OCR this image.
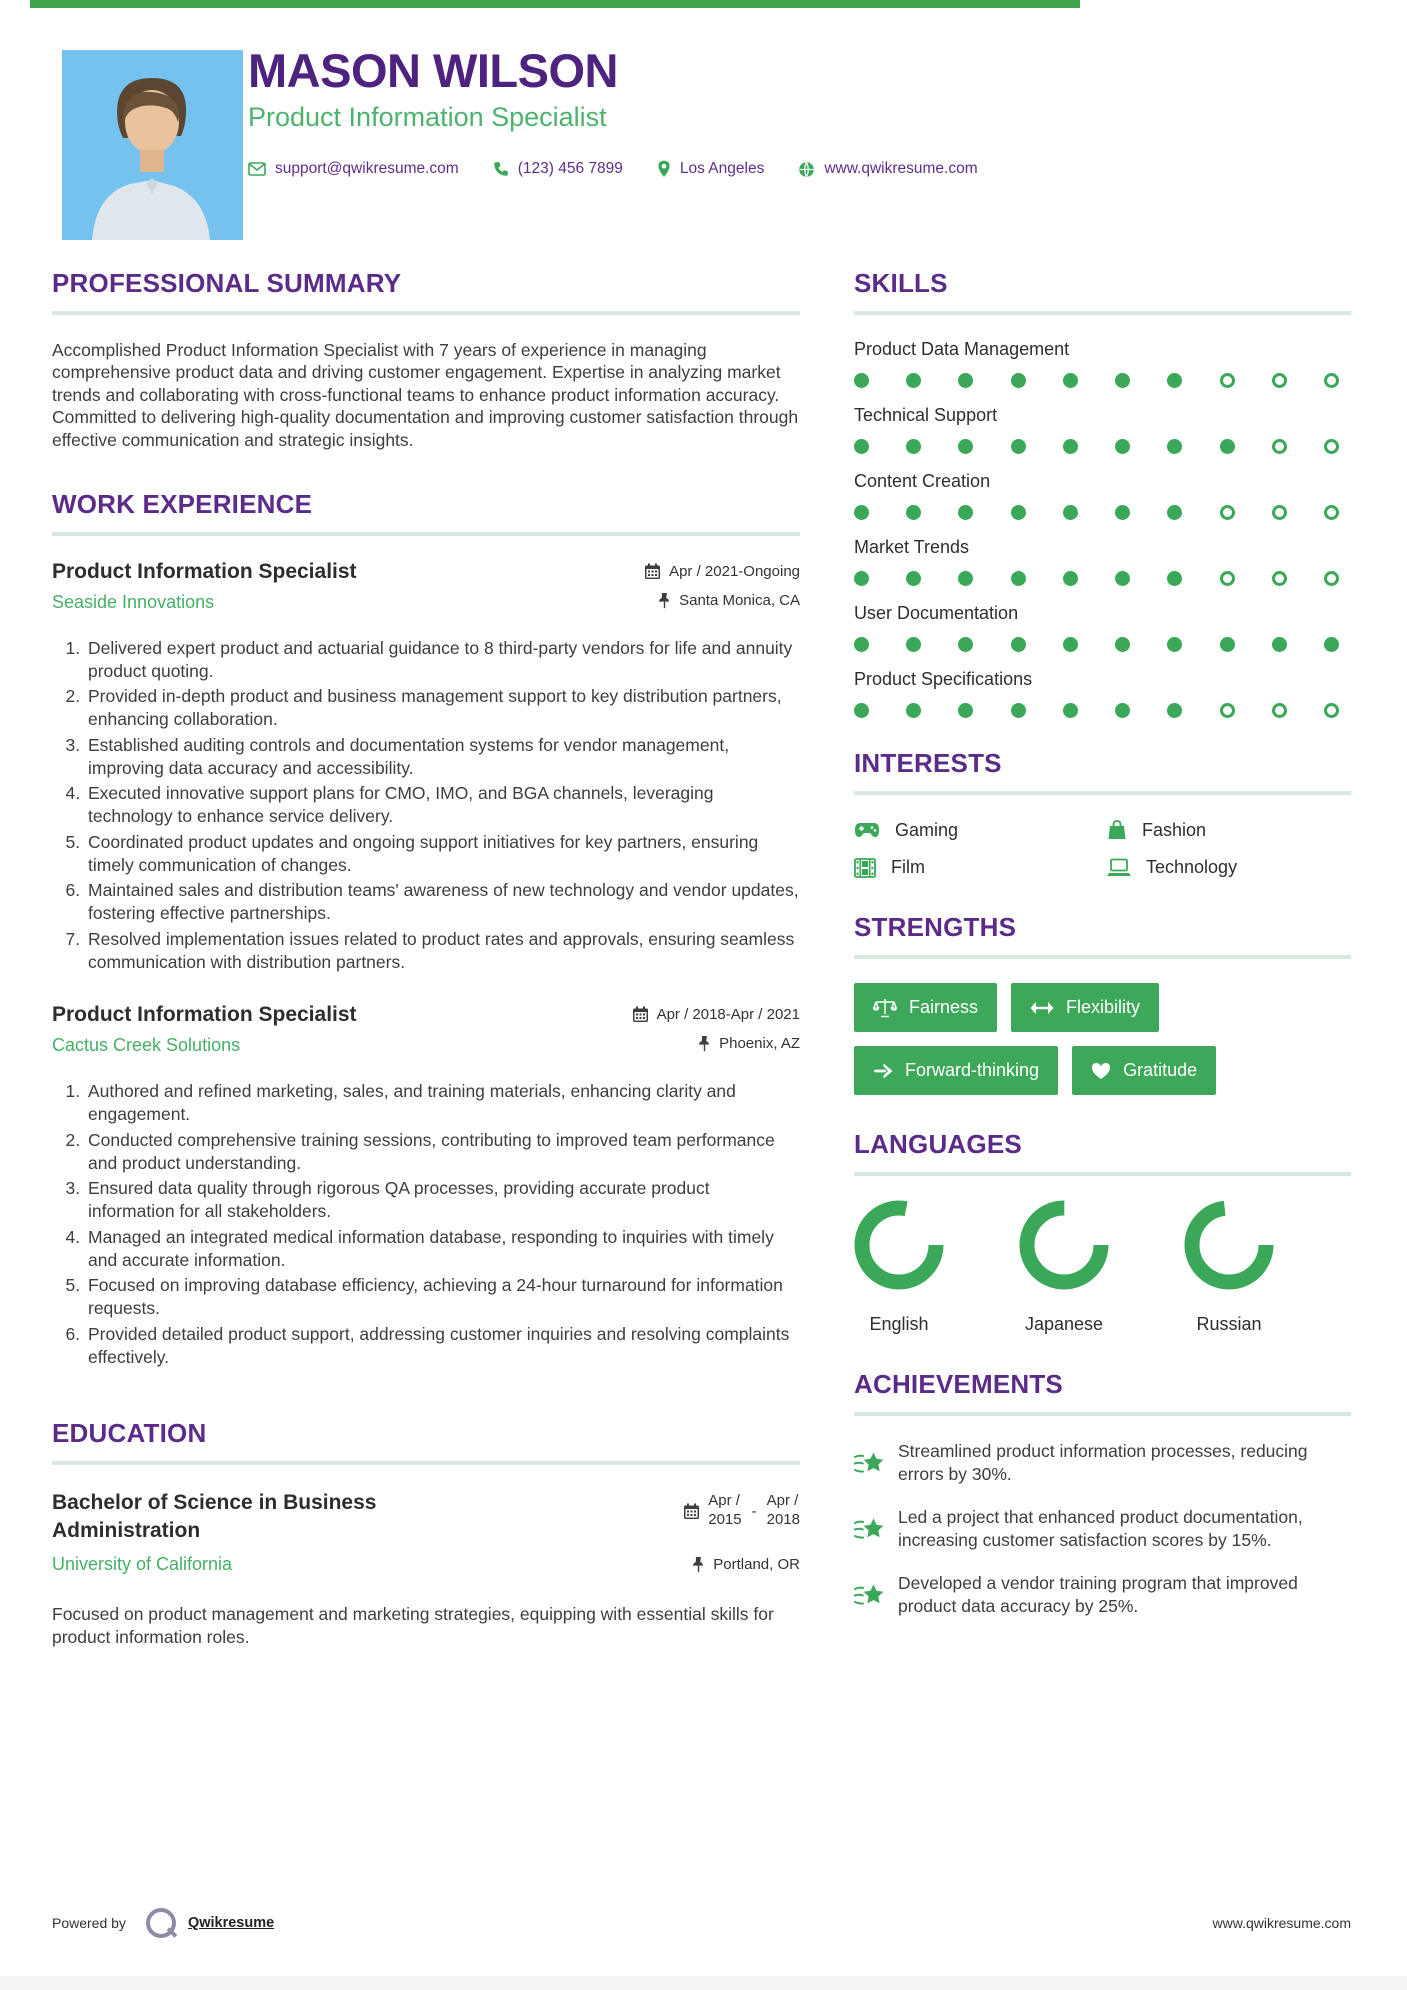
MASON WILSON
Product Information Specialist
support@qwikresume.com	(123) 456 7899	Los Angeles	www.qwikresume.com
PROFESSIONAL SUMMARY

Accomplished Product Information Specialist with 7 years of experience in managing comprehensive product data and driving customer engagement. Expertise in analyzing market trends and collaborating with cross-functional teams to enhance product information accuracy. Committed to delivering high-quality documentation and improving customer satisfaction through effective communication and strategic insights.

WORK EXPERIENCE
Product Information Specialist
Seaside Innovations
Apr / 2021-Ongoing
Santa Monica, CA
1. Delivered expert product and actuarial guidance to 8 third-party vendors for life and annuity product quoting.
2. Provided in-depth product and business management support to key distribution partners, enhancing collaboration.
3. Established auditing controls and documentation systems for vendor management, improving data accuracy and accessibility.
4. Executed innovative support plans for CMO, IMO, and BGA channels, leveraging technology to enhance service delivery.
5. Coordinated product updates and ongoing support initiatives for key partners, ensuring timely communication of changes.
6. Maintained sales and distribution teams' awareness of new technology and vendor updates, fostering effective partnerships.
7. Resolved implementation issues related to product rates and approvals, ensuring seamless communication with distribution partners.
Product Information Specialist
Cactus Creek Solutions
Apr / 2018-Apr / 2021
Phoenix, AZ
1. Authored and refined marketing, sales, and training materials, enhancing clarity and engagement.
2. Conducted comprehensive training sessions, contributing to improved team performance and product understanding.
3. Ensured data quality through rigorous QA processes, providing accurate product information for all stakeholders.
4. Managed an integrated medical information database, responding to inquiries with timely and accurate information.
5. Focused on improving database efficiency, achieving a 24-hour turnaround for information requests.
6. Provided detailed product support, addressing customer inquiries and resolving complaints effectively.
EDUCATION
Bachelor of Science in Business Administration
University of California
Apr /
2015 -
Apr /
2018
Portland, OR

Focused on product management and marketing strategies, equipping with essential skills for product information roles.

SKILLS
Product Data Management
Technical Support
Content Creation
Market Trends
User Documentation
Product Specifications
INTERESTS
Gaming	Fashion
Film	Technology
STRENGTHS
Fairness	Flexibility
Forward-thinking	Gratitude
LANGUAGES
English	Japanese	Russian
ACHIEVEMENTS
Streamlined product information processes, reducing errors by 30%.
Led a project that enhanced product documentation, increasing customer satisfaction scores by 15%.
Developed a vendor training program that improved product data accuracy by 25%.
Powered by	Qwikresume	www.qwikresume.com
